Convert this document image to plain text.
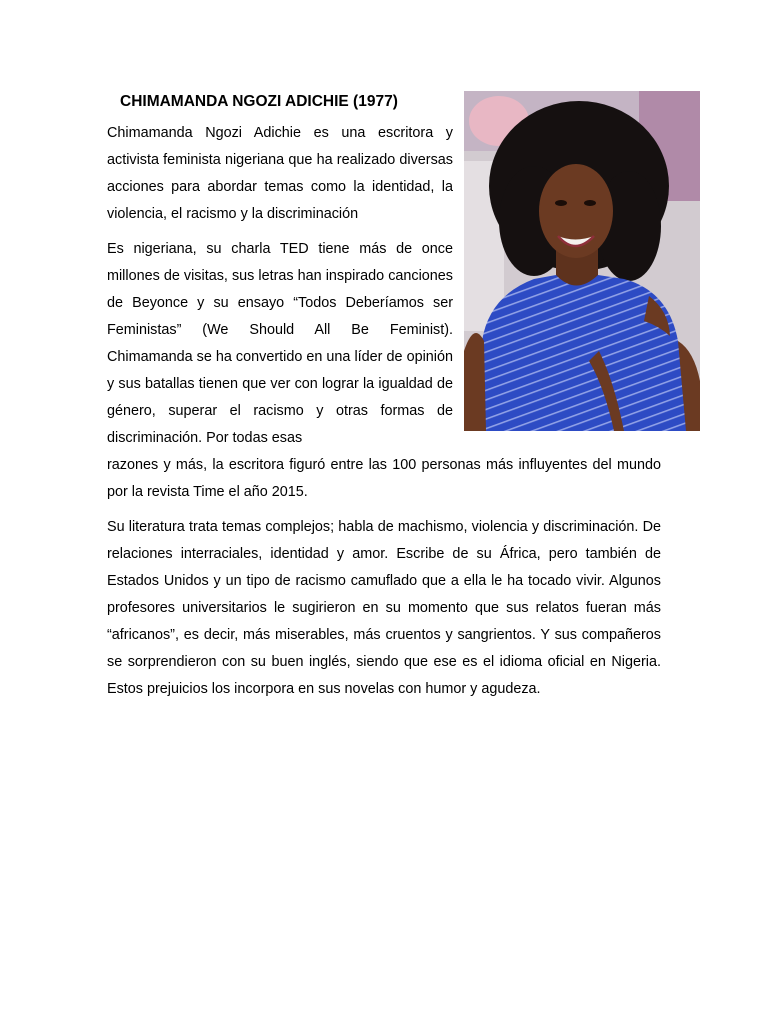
CHIMAMANDA NGOZI ADICHIE (1977)

Chimamanda Ngozi Adichie es una escritora y activista feminista nigeriana que ha realizado diversas acciones para abordar temas como la identidad, la violencia, el racismo y la discriminación

Es nigeriana, su charla TED tiene más de once millones de visitas, sus letras han inspirado canciones de Beyonce y su ensayo “Todos Deberíamos ser Feministas” (We Should All Be Feminist). Chimamanda se ha convertido en una líder de opinión y sus batallas tienen que ver con lograr la igualdad de género, superar el racismo y otras formas de discriminación. Por todas esas
razones y más, la escritora figuró entre las 100 personas más influyentes del mundo por la revista Time el año 2015.

Su literatura trata temas complejos; habla de machismo, violencia y discriminación. De relaciones interraciales, identidad y amor. Escribe de su África, pero también de Estados Unidos y un tipo de racismo camuflado que a ella le ha tocado vivir. Algunos profesores universitarios le sugirieron en su momento que sus relatos fueran más “africanos”, es decir, más miserables, más cruentos y sangrientos. Y sus compañeros se sorprendieron con su buen inglés, siendo que ese es el idioma oficial en Nigeria. Estos prejuicios los incorpora en sus novelas con humor y agudeza.
